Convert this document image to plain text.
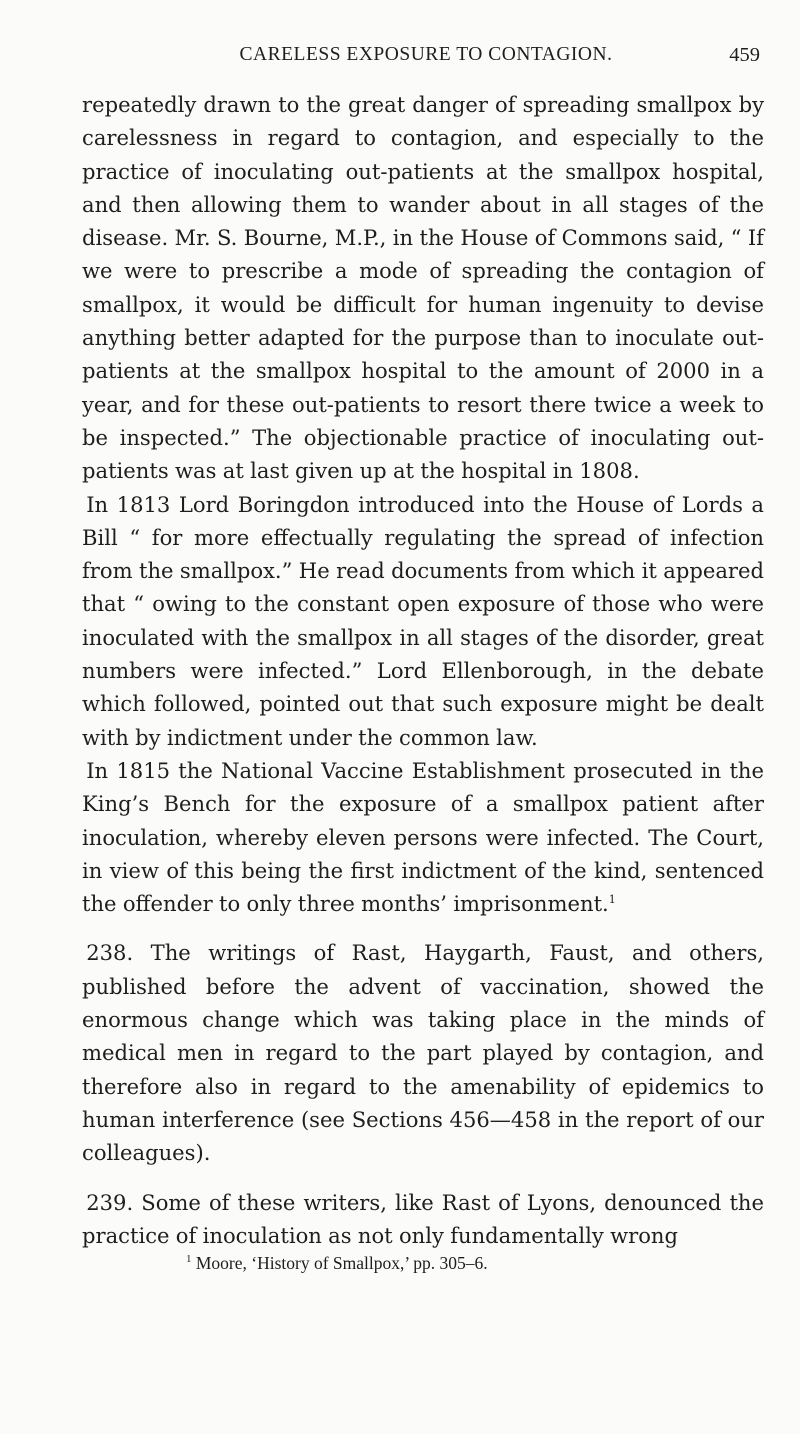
CARELESS EXPOSURE TO CONTAGION.	459

repeatedly drawn to the great danger of spreading smallpox by carelessness in regard to contagion, and especially to the practice of inoculating out-patients at the smallpox hospital, and then allowing them to wander about in all stages of the disease. Mr. S. Bourne, M.P., in the House of Commons said, “ If we were to prescribe a mode of spreading the contagion of smallpox, it would be difficult for human ingenuity to devise anything better adapted for the purpose than to inoculate out-patients at the smallpox hospital to the amount of 2000 in a year, and for these out-patients to resort there twice a week to be inspected.” The objectionable practice of inoculating out-patients was at last given up at the hospital in 1808.

In 1813 Lord Boringdon introduced into the House of Lords a Bill “ for more effectually regulating the spread of infection from the smallpox.” He read documents from which it appeared that “ owing to the constant open exposure of those who were inoculated with the smallpox in all stages of the disorder, great numbers were infected.” Lord Ellenborough, in the debate which followed, pointed out that such exposure might be dealt with by indictment under the common law.

In 1815 the National Vaccine Establishment prosecuted in the King’s Bench for the exposure of a smallpox patient after inoculation, whereby eleven persons were infected. The Court, in view of this being the first indictment of the kind, sentenced the offender to only three months’ imprisonment.$^1$

238. The writings of Rast, Haygarth, Faust, and others, published before the advent of vaccination, showed the enormous change which was taking place in the minds of medical men in regard to the part played by contagion, and therefore also in regard to the amenability of epidemics to human interference (see Sections 456—458 in the report of our colleagues).

239. Some of these writers, like Rast of Lyons, denounced the practice of inoculation as not only fundamentally wrong

$^1$ Moore, ‘History of Smallpox,’ pp. 305–6.
